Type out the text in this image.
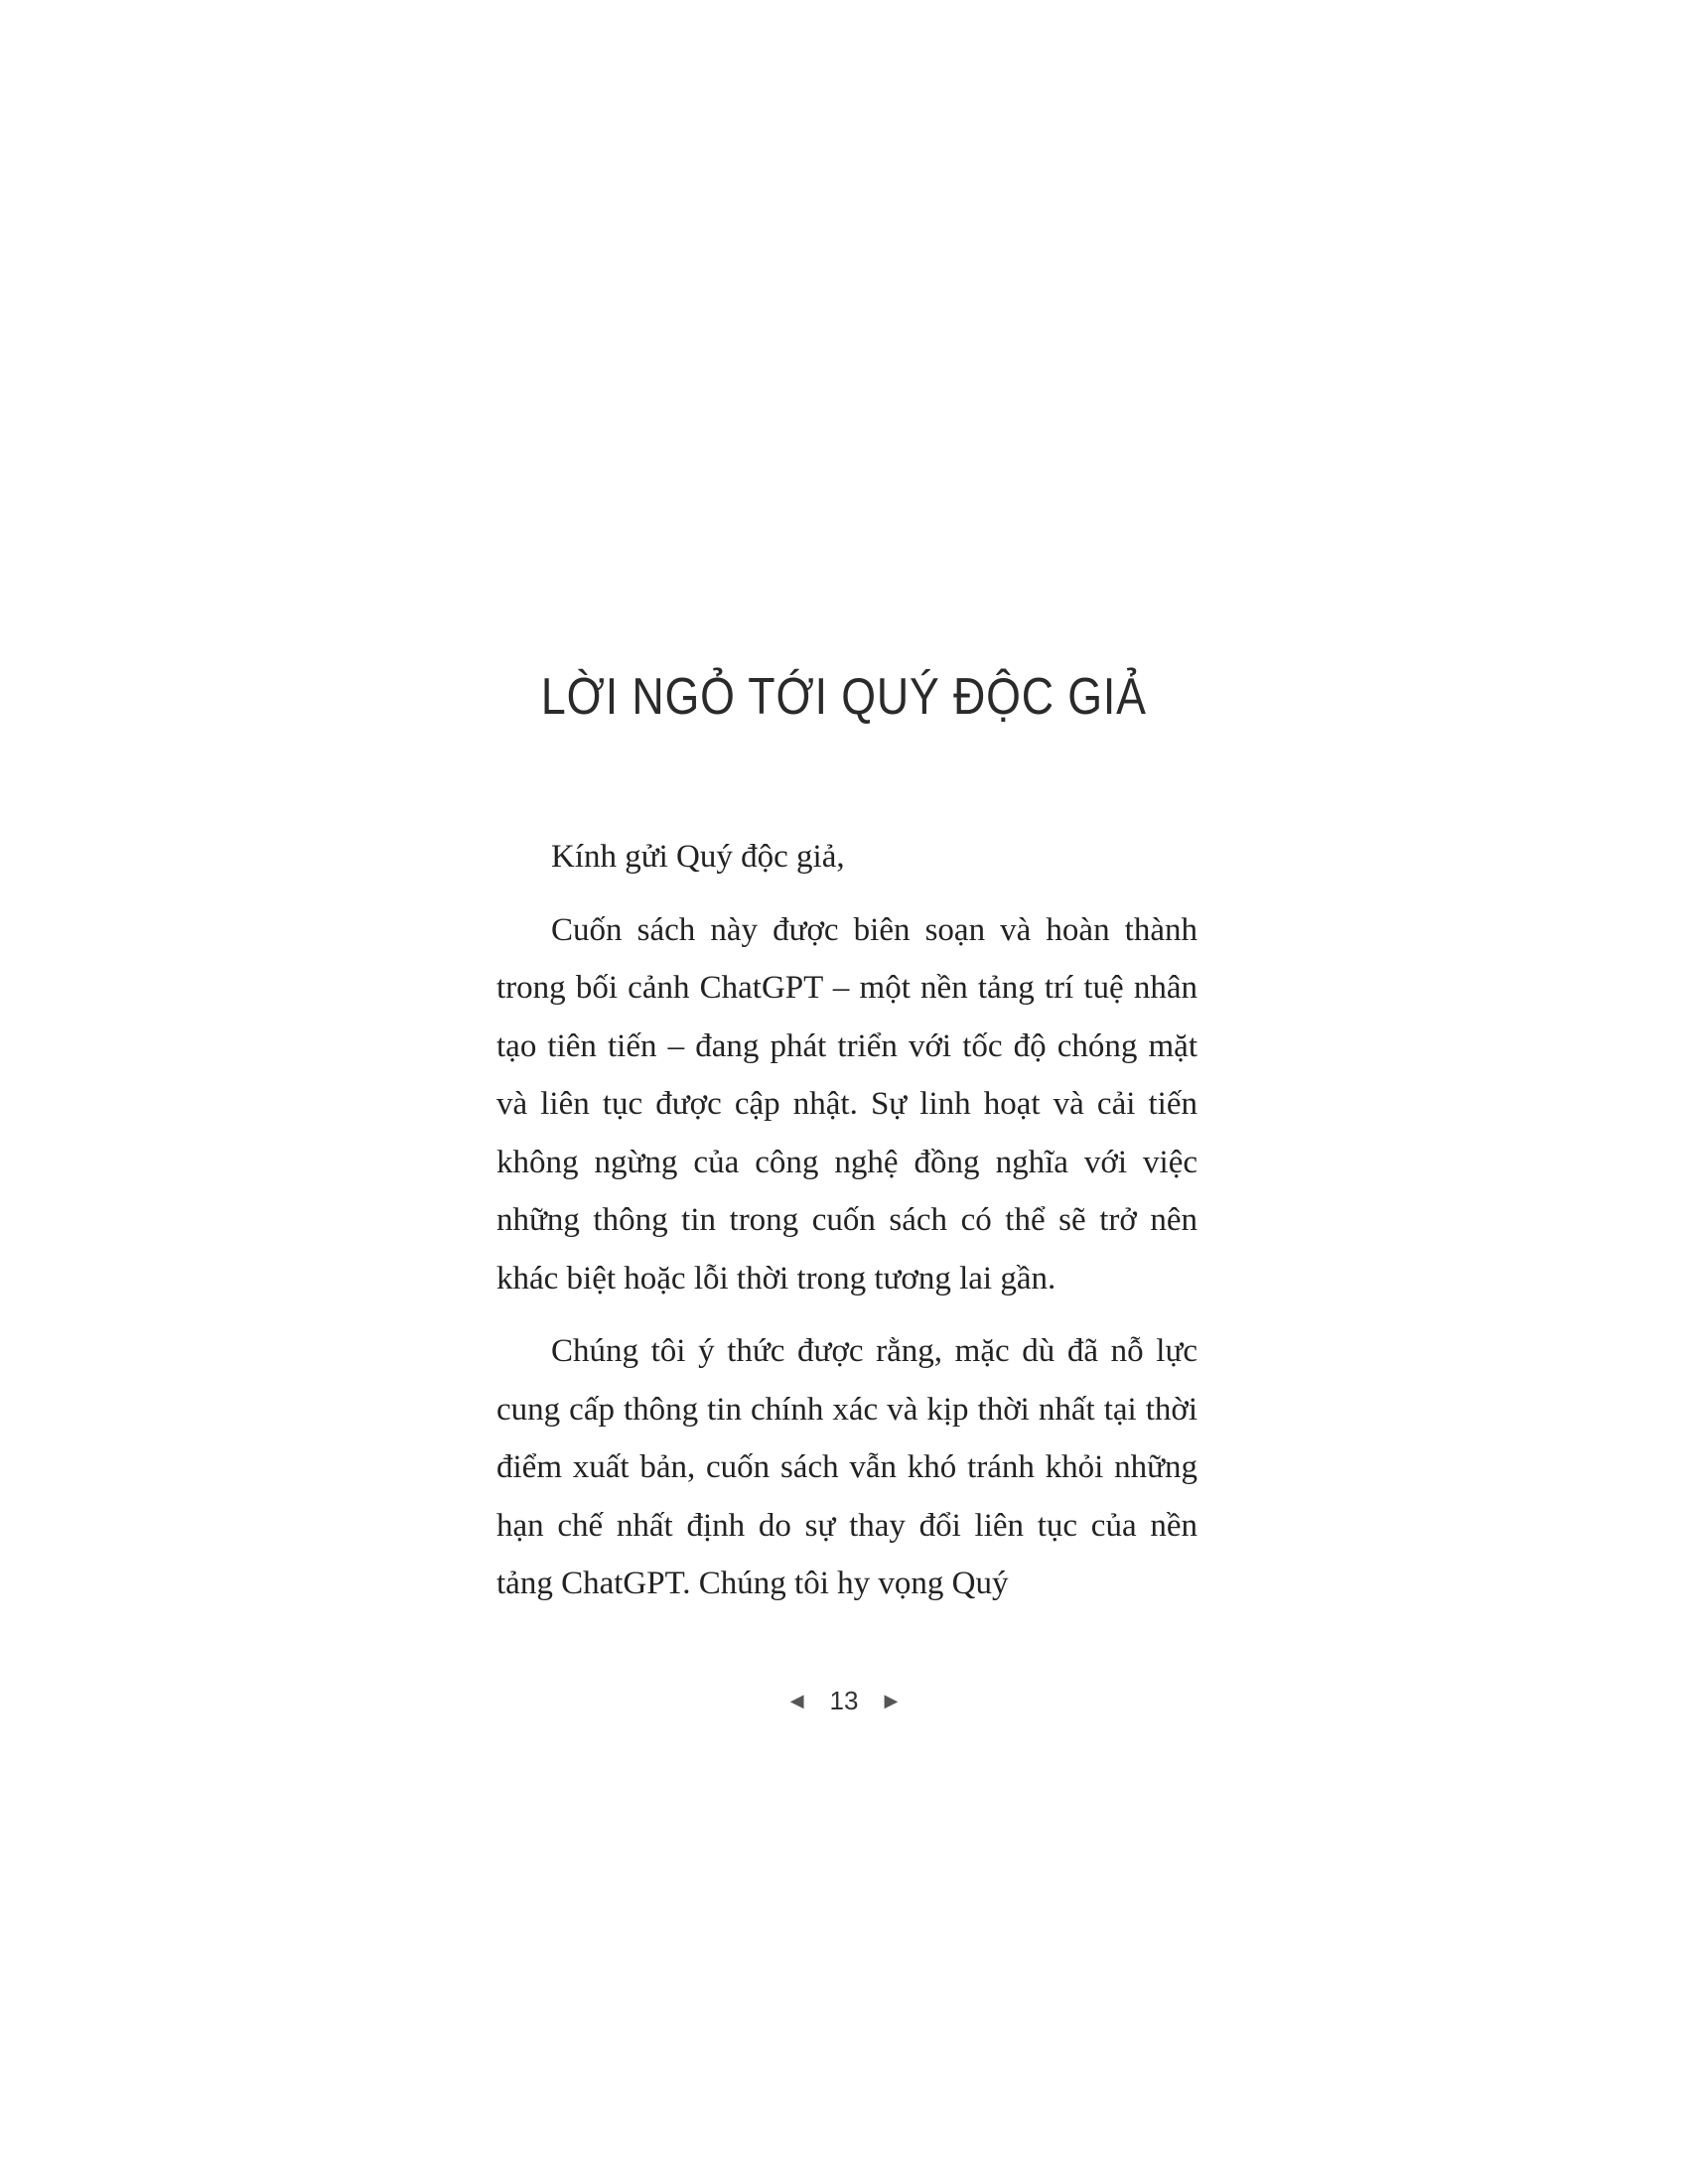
LỜI NGỎ TỚI QUÝ ĐỘC GIẢ

Kính gửi Quý độc giả,

Cuốn sách này được biên soạn và hoàn thành trong bối cảnh ChatGPT – một nền tảng trí tuệ nhân tạo tiên tiến – đang phát triển với tốc độ chóng mặt và liên tục được cập nhật. Sự linh hoạt và cải tiến không ngừng của công nghệ đồng nghĩa với việc những thông tin trong cuốn sách có thể sẽ trở nên khác biệt hoặc lỗi thời trong tương lai gần.

Chúng tôi ý thức được rằng, mặc dù đã nỗ lực cung cấp thông tin chính xác và kịp thời nhất tại thời điểm xuất bản, cuốn sách vẫn khó tránh khỏi những hạn chế nhất định do sự thay đổi liên tục của nền tảng ChatGPT. Chúng tôi hy vọng Quý

◀ 13 ▶
